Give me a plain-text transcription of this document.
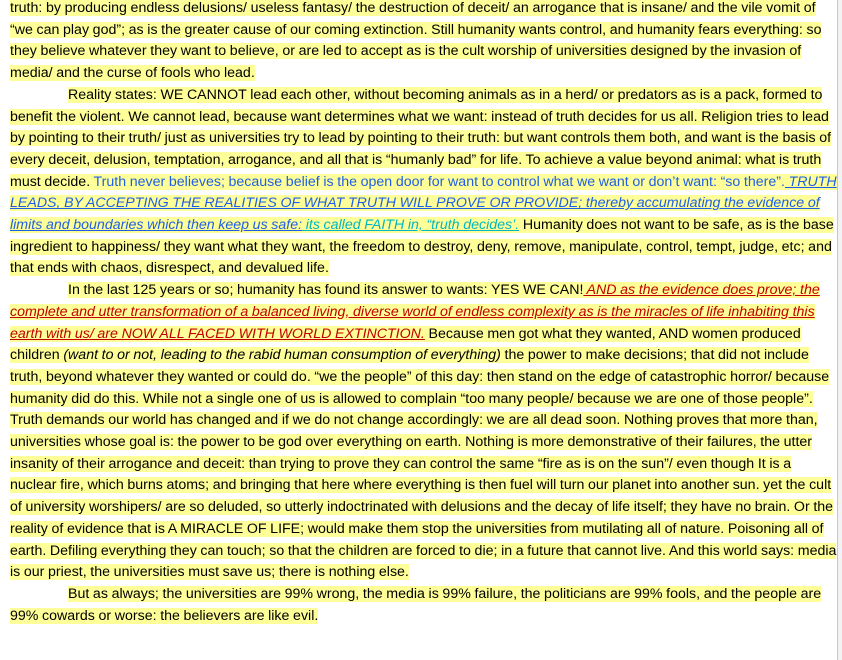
truth: by producing endless delusions/ useless fantasy/ the destruction of deceit/ an arrogance that is insane/ and the vile vomit of “we can play god”; as is the greater cause of our coming extinction. Still humanity wants control, and humanity fears everything: so they believe whatever they want to believe, or are led to accept as is the cult worship of universities designed by the invasion of media/ and the curse of fools who lead.

Reality states: WE CANNOT lead each other, without becoming animals as in a herd/ or predators as is a pack, formed to benefit the violent. We cannot lead, because want determines what we want: instead of truth decides for us all. Religion tries to lead by pointing to their truth/ just as universities try to lead by pointing to their truth: but want controls them both, and want is the basis of every deceit, delusion, temptation, arrogance, and all that is “humanly bad” for life. To achieve a value beyond animal: what is truth must decide. Truth never believes; because belief is the open door for want to control what we want or don’t want: “so there”. TRUTH LEADS, BY ACCEPTING THE REALITIES OF WHAT TRUTH WILL PROVE OR PROVIDE; thereby accumulating the evidence of limits and boundaries which then keep us safe: its called FAITH in, “truth decides’. Humanity does not want to be safe, as is the base ingredient to happiness/ they want what they want, the freedom to destroy, deny, remove, manipulate, control, tempt, judge, etc; and that ends with chaos, disrespect, and devalued life.

In the last 125 years or so; humanity has found its answer to wants: YES WE CAN! AND as the evidence does prove; the complete and utter transformation of a balanced living, diverse world of endless complexity as is the miracles of life inhabiting this earth with us/ are NOW ALL FACED WITH WORLD EXTINCTION. Because men got what they wanted, AND women produced children (want to or not, leading to the rabid human consumption of everything) the power to make decisions; that did not include truth, beyond whatever they wanted or could do. “we the people” of this day: then stand on the edge of catastrophic horror/ because humanity did do this. While not a single one of us is allowed to complain “too many people/ because we are one of those people”. Truth demands our world has changed and if we do not change accordingly: we are all dead soon. Nothing proves that more than, universities whose goal is: the power to be god over everything on earth. Nothing is more demonstrative of their failures, the utter insanity of their arrogance and deceit: than trying to prove they can control the same “fire as is on the sun”/ even though It is a nuclear fire, which burns atoms; and bringing that here where everything is then fuel will turn our planet into another sun. yet the cult of university worshipers/ are so deluded, so utterly indoctrinated with delusions and the decay of life itself; they have no brain. Or the reality of evidence that is A MIRACLE OF LIFE; would make them stop the universities from mutilating all of nature. Poisoning all of earth. Defiling everything they can touch; so that the children are forced to die; in a future that cannot live. And this world says: media is our priest, the universities must save us; there is nothing else.

But as always; the universities are 99% wrong, the media is 99% failure, the politicians are 99% fools, and the people are 99% cowards or worse: the believers are like evil.
